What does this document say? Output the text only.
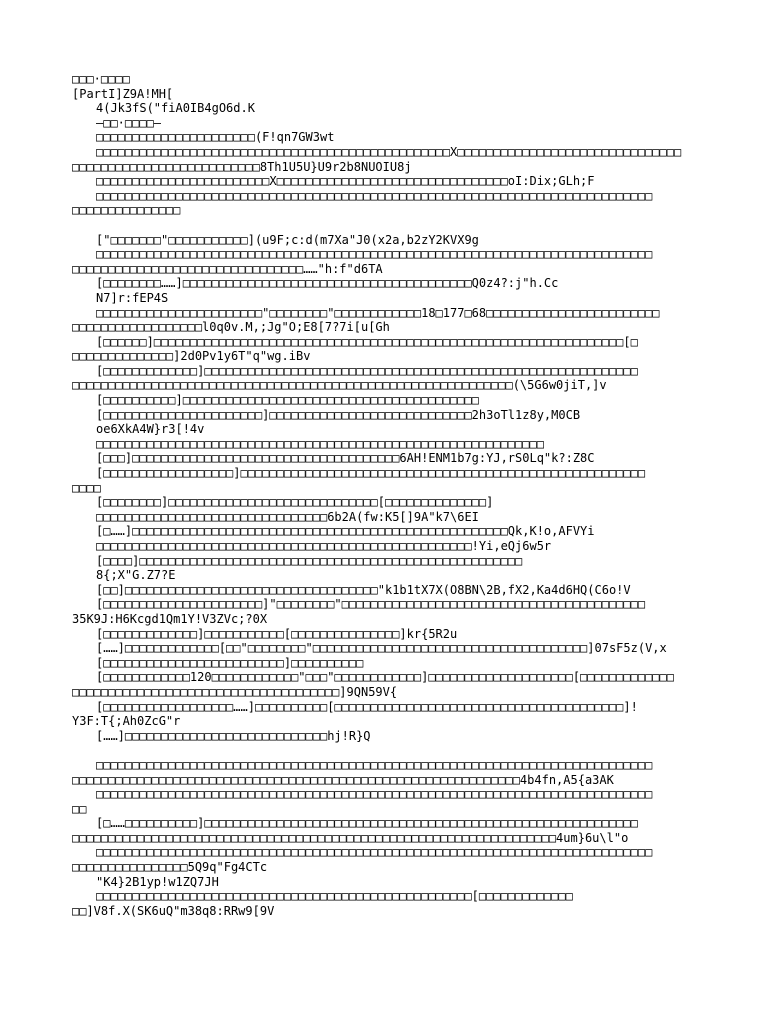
□□□·□□□□
[PartI]Z9A!MH[
4(Jk3fS("fiA0IB4gO6d.K
—□□·□□□□—
□□□□□□□□□□□□□□□□□□□□□□(F!qn7GW3wt
□□□□□□□□□□□□□□□□□□□□□□□□□□□□□□□□□□□□□□□□□□□□□□□□□X□□□□□□□□□□□□□□□□□□□□□□□□□□□□□□□
□□□□□□□□□□□□□□□□□□□□□□□□□□8Th1U5U}U9r2b8NUOIU8j
□□□□□□□□□□□□□□□□□□□□□□□□X□□□□□□□□□□□□□□□□□□□□□□□□□□□□□□□□oI:Dix;GLh;F
□□□□□□□□□□□□□□□□□□□□□□□□□□□□□□□□□□□□□□□□□□□□□□□□□□□□□□□□□□□□□□□□□□□□□□□□□□□□□
□□□□□□□□□□□□□□□
["□□□□□□□"□□□□□□□□□□□](u9F;c:d(m7Xa"J0(x2a,b2zY2KVX9g
□□□□□□□□□□□□□□□□□□□□□□□□□□□□□□□□□□□□□□□□□□□□□□□□□□□□□□□□□□□□□□□□□□□□□□□□□□□□□
□□□□□□□□□□□□□□□□□□□□□□□□□□□□□□□□……"h:f"d6TA
[□□□□□□□□……]□□□□□□□□□□□□□□□□□□□□□□□□□□□□□□□□□□□□□□□□Q0z4?:j"h.Cc
N7]r:fEP4S
□□□□□□□□□□□□□□□□□□□□□□□"□□□□□□□□"□□□□□□□□□□□□18□177□68□□□□□□□□□□□□□□□□□□□□□□□□
□□□□□□□□□□□□□□□□□□l0q0v.M,;Jg"O;E8[7?7i[u[Gh
[□□□□□□]□□□□□□□□□□□□□□□□□□□□□□□□□□□□□□□□□□□□□□□□□□□□□□□□□□□□□□□□□□□□□□□□□[□
□□□□□□□□□□□□□□]2d0Pv1y6T"q"wg.iBv
[□□□□□□□□□□□□□]□□□□□□□□□□□□□□□□□□□□□□□□□□□□□□□□□□□□□□□□□□□□□□□□□□□□□□□□□□□□
□□□□□□□□□□□□□□□□□□□□□□□□□□□□□□□□□□□□□□□□□□□□□□□□□□□□□□□□□□□□□(\5G6w0jiT,]v
[□□□□□□□□□□]□□□□□□□□□□□□□□□□□□□□□□□□□□□□□□□□□□□□□□□□□
[□□□□□□□□□□□□□□□□□□□□□□]□□□□□□□□□□□□□□□□□□□□□□□□□□□□2h3oTl1z8y,M0CB
oe6XkA4W}r3[!4v
□□□□□□□□□□□□□□□□□□□□□□□□□□□□□□□□□□□□□□□□□□□□□□□□□□□□□□□□□□□□□□
[□□□]□□□□□□□□□□□□□□□□□□□□□□□□□□□□□□□□□□□□□6AH!ENM1b7g:YJ,rS0Lq"k?:Z8C
[□□□□□□□□□□□□□□□□□□]□□□□□□□□□□□□□□□□□□□□□□□□□□□□□□□□□□□□□□□□□□□□□□□□□□□□□□□□
□□□□
[□□□□□□□□]□□□□□□□□□□□□□□□□□□□□□□□□□□□□□[□□□□□□□□□□□□□□]
□□□□□□□□□□□□□□□□□□□□□□□□□□□□□□□□6b2A(fw:K5[]9A"k7\6EI
[□……]□□□□□□□□□□□□□□□□□□□□□□□□□□□□□□□□□□□□□□□□□□□□□□□□□□□□Qk,K!o,AFVYi
□□□□□□□□□□□□□□□□□□□□□□□□□□□□□□□□□□□□□□□□□□□□□□□□□□□□!Yi,eQj6w5r
[□□□□]□□□□□□□□□□□□□□□□□□□□□□□□□□□□□□□□□□□□□□□□□□□□□□□□□□□□□
8{;X"G.Z7?E
[□□]□□□□□□□□□□□□□□□□□□□□□□□□□□□□□□□□□□□"k1b1tX7X(O8BN\2B,fX2,Ka4d6HQ(C6o!V
[□□□□□□□□□□□□□□□□□□□□□□]"□□□□□□□□"□□□□□□□□□□□□□□□□□□□□□□□□□□□□□□□□□□□□□□□□□□
35K9J:H6Kcgd1Qm1Y!V3ZVc;?0X
[□□□□□□□□□□□□□]□□□□□□□□□□□[□□□□□□□□□□□□□□□]kr{5R2u
[……]□□□□□□□□□□□□□[□□"□□□□□□□□"□□□□□□□□□□□□□□□□□□□□□□□□□□□□□□□□□□□□□□]07sF5z(V,x
[□□□□□□□□□□□□□□□□□□□□□□□□□]□□□□□□□□□□
[□□□□□□□□□□□□120□□□□□□□□□□□□"□□□"□□□□□□□□□□□□]□□□□□□□□□□□□□□□□□□□□[□□□□□□□□□□□□□
□□□□□□□□□□□□□□□□□□□□□□□□□□□□□□□□□□□□□]9QN59V{
[□□□□□□□□□□□□□□□□□□……]□□□□□□□□□□[□□□□□□□□□□□□□□□□□□□□□□□□□□□□□□□□□□□□□□□□]!
Y3F:T{;Ah0ZcG"r
[……]□□□□□□□□□□□□□□□□□□□□□□□□□□□□hj!R}Q
□□□□□□□□□□□□□□□□□□□□□□□□□□□□□□□□□□□□□□□□□□□□□□□□□□□□□□□□□□□□□□□□□□□□□□□□□□□□□
□□□□□□□□□□□□□□□□□□□□□□□□□□□□□□□□□□□□□□□□□□□□□□□□□□□□□□□□□□□□□□4b4fn,A5{a3AK
□□□□□□□□□□□□□□□□□□□□□□□□□□□□□□□□□□□□□□□□□□□□□□□□□□□□□□□□□□□□□□□□□□□□□□□□□□□□□
□□
[□……□□□□□□□□□□]□□□□□□□□□□□□□□□□□□□□□□□□□□□□□□□□□□□□□□□□□□□□□□□□□□□□□□□□□□□□
□□□□□□□□□□□□□□□□□□□□□□□□□□□□□□□□□□□□□□□□□□□□□□□□□□□□□□□□□□□□□□□□□□□4um}6u\l"o
□□□□□□□□□□□□□□□□□□□□□□□□□□□□□□□□□□□□□□□□□□□□□□□□□□□□□□□□□□□□□□□□□□□□□□□□□□□□□
□□□□□□□□□□□□□□□□5Q9q"Fg4CTc
"K4}2B1yp!w1ZQ7JH
□□□□□□□□□□□□□□□□□□□□□□□□□□□□□□□□□□□□□□□□□□□□□□□□□□□□[□□□□□□□□□□□□□
□□]V8f.X(SK6uQ"m38q8:RRw9[9V
